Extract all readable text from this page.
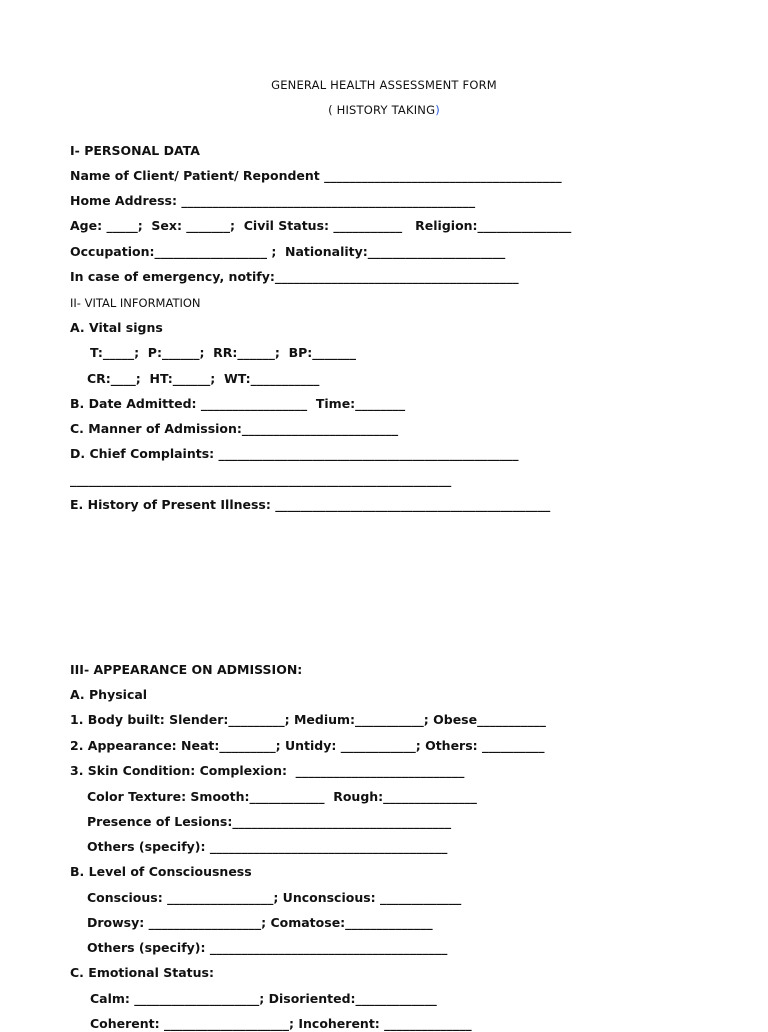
GENERAL HEALTH ASSESSMENT FORM
( HISTORY TAKING)
I- PERSONAL DATA
Name of Client/ Patient/ Repondent ______________________________________
Home Address: _______________________________________________
Age: _____;  Sex: _______;  Civil Status: ___________   Religion:_______________
Occupation:__________________ ;  Nationality:______________________
In case of emergency, notify:_______________________________________
II- VITAL INFORMATION
A. Vital signs
T:_____;  P:______;  RR:______;  BP:_______
CR:____;  HT:______;  WT:___________
B. Date Admitted: _________________  Time:________
C. Manner of Admission:_________________________
D. Chief Complaints: ________________________________________________
_____________________________________________________________
E. History of Present Illness: ____________________________________________
III- APPEARANCE ON ADMISSION:
A. Physical
1. Body built: Slender:_________; Medium:___________; Obese___________
2. Appearance: Neat:_________; Untidy: ____________; Others: __________
3. Skin Condition: Complexion:  ___________________________
Color Texture: Smooth:____________  Rough:_______________
Presence of Lesions:___________________________________
Others (specify): ______________________________________
B. Level of Consciousness
Conscious: _________________; Unconscious: _____________
Drowsy: __________________; Comatose:______________
Others (specify): ______________________________________
C. Emotional Status:
Calm: ____________________; Disoriented:_____________
Coherent: ____________________; Incoherent: ______________
